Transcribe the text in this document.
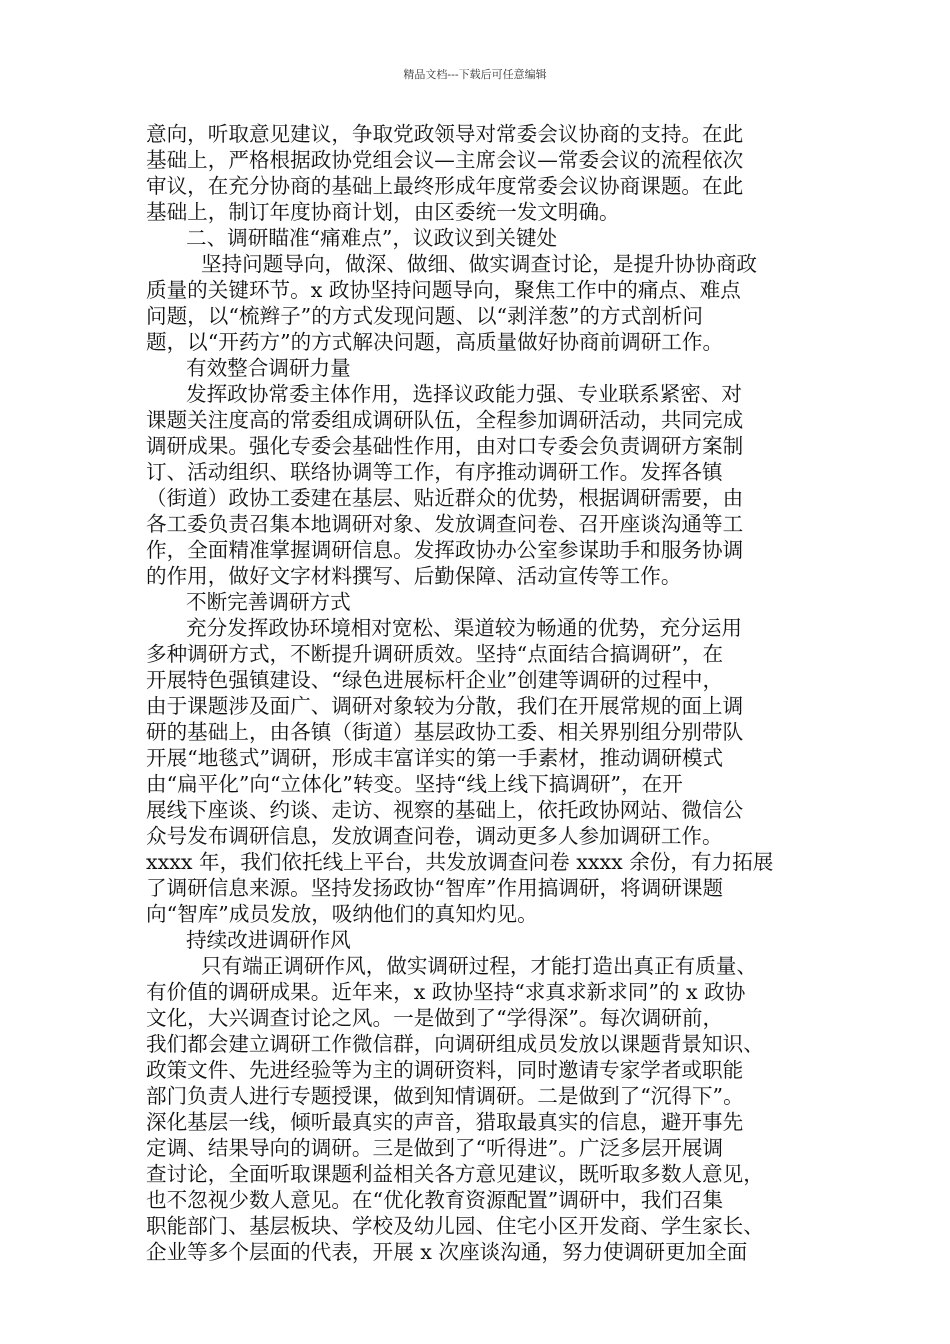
精品文档---下载后可任意编辑
意向，听取意见建议，争取党政领导对常委会议协商的支持。在此
基础上，严格根据政协党组会议—主席会议—常委会议的流程依次
审议，在充分协商的基础上最终形成年度常委会议协商课题。在此
基础上，制订年度协商计划，由区委统一发文明确。
二、调研瞄准“痛难点”，议政议到关键处
坚持问题导向，做深、做细、做实调查讨论，是提升协协商政
质量的关键环节。x 政协坚持问题导向，聚焦工作中的痛点、难点
问题，以“梳辫子”的方式发现问题、以“剥洋葱”的方式剖析问
题，以“开药方”的方式解决问题，高质量做好协商前调研工作。
有效整合调研力量
发挥政协常委主体作用，选择议政能力强、专业联系紧密、对
课题关注度高的常委组成调研队伍，全程参加调研活动，共同完成
调研成果。强化专委会基础性作用，由对口专委会负责调研方案制
订、活动组织、联络协调等工作，有序推动调研工作。发挥各镇
（街道）政协工委建在基层、贴近群众的优势，根据调研需要，由
各工委负责召集本地调研对象、发放调查问卷、召开座谈沟通等工
作，全面精准掌握调研信息。发挥政协办公室参谋助手和服务协调
的作用，做好文字材料撰写、后勤保障、活动宣传等工作。
不断完善调研方式
充分发挥政协环境相对宽松、渠道较为畅通的优势，充分运用
多种调研方式，不断提升调研质效。坚持“点面结合搞调研”，在
开展特色强镇建设、“绿色进展标杆企业”创建等调研的过程中，
由于课题涉及面广、调研对象较为分散，我们在开展常规的面上调
研的基础上，由各镇（街道）基层政协工委、相关界别组分别带队
开展“地毯式”调研，形成丰富详实的第一手素材，推动调研模式
由“扁平化”向“立体化”转变。坚持“线上线下搞调研”，在开
展线下座谈、约谈、走访、视察的基础上，依托政协网站、微信公
众号发布调研信息，发放调查问卷，调动更多人参加调研工作。
xxxx 年，我们依托线上平台，共发放调查问卷 xxxx 余份，有力拓展
了调研信息来源。坚持发扬政协“智库”作用搞调研，将调研课题
向“智库”成员发放，吸纳他们的真知灼见。
持续改进调研作风
只有端正调研作风，做实调研过程，才能打造出真正有质量、
有价值的调研成果。近年来，x 政协坚持“求真求新求同”的 x 政协
文化，大兴调查讨论之风。一是做到了“学得深”。每次调研前，
我们都会建立调研工作微信群，向调研组成员发放以课题背景知识、
政策文件、先进经验等为主的调研资料，同时邀请专家学者或职能
部门负责人进行专题授课，做到知情调研。二是做到了“沉得下”。
深化基层一线，倾听最真实的声音，猎取最真实的信息，避开事先
定调、结果导向的调研。三是做到了“听得进”。广泛多层开展调
查讨论，全面听取课题利益相关各方意见建议，既听取多数人意见，
也不忽视少数人意见。在“优化教育资源配置”调研中，我们召集
职能部门、基层板块、学校及幼儿园、住宅小区开发商、学生家长、
企业等多个层面的代表，开展 x 次座谈沟通，努力使调研更加全面
